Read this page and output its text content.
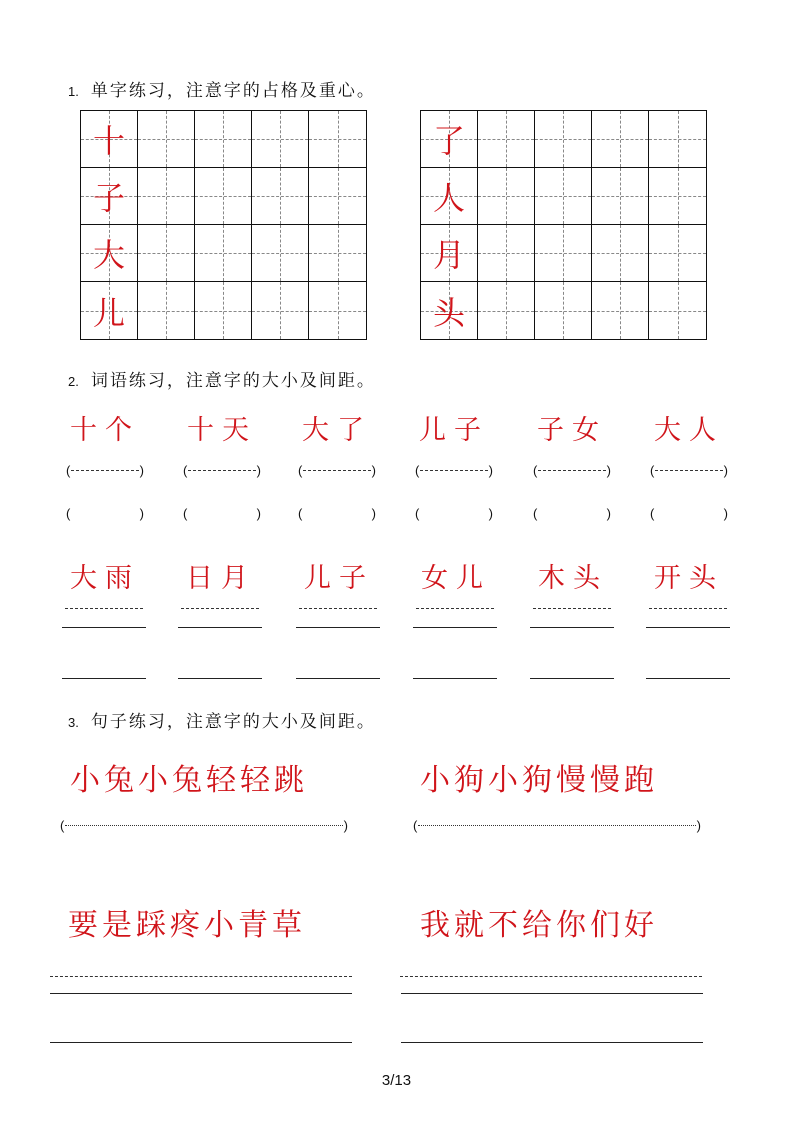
1. 单字练习，注意字的占格及重心。
十
子
大
儿
了
人
月
头
2. 词语练习，注意字的大小及间距。
十个
(	)
(	)
十天
(	)
(	)
大了
(	)
(	)
儿子
(	)
(	)
子女
(	)
(	)
大人
(	)
(	)
大雨 日月 儿子 女儿 木头 开头
3. 句子练习，注意字的大小及间距。
小兔小兔轻轻跳	小狗小狗慢慢跑
(	)	(	)
要是踩疼小青草	我就不给你们好
3/13
